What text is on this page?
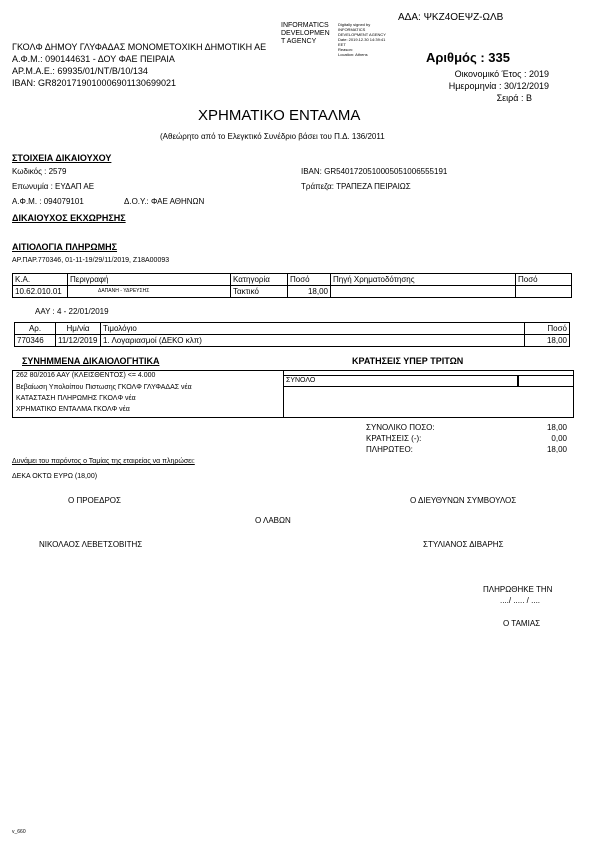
ΑΔΑ: ΨΚΖ4ΟΕΨΖ-ΩΛΒ
INFORMATICS
DEVELOPMEN
T AGENCY
Digitally signed by
INFORMATICS
DEVELOPMENT AGENCY
Date: 2019.12.30 14:39:41
EET
Reason:
Location: Athens
ΓΚΟΛΦ ΔΗΜΟΥ ΓΛΥΦΑΔΑΣ ΜΟΝΟΜΕΤΟΧΙΚΗ ΔΗΜΟΤΙΚΗ ΑΕ
Α.Φ.Μ.: 090144631 - ΔΟΥ ΦΑΕ ΠΕΙΡΑΙΑ
ΑΡ.Μ.Α.Ε.: 69935/01/ΝΤ/Β/10/134
IBAN: GR8201719010006901130699021
Αριθμός : 335
Οικονομικό Έτος : 2019
Ημερομηνία : 30/12/2019
Σειρά : B
ΧΡΗΜΑΤΙΚΟ ΕΝΤΑΛΜΑ
(Αθεώρητο από το Ελεγκτικό Συνέδριο βάσει του Π.Δ. 136/2011
ΣΤΟΙΧΕΙΑ ΔΙΚΑΙΟΥΧΟΥ
Κωδικός : 2579
Επωνυμία : ΕΥΔΑΠ ΑΕ
Α.Φ.Μ. : 094079101	Δ.Ο.Υ.: ΦΑΕ ΑΘΗΝΩΝ
IBAN: GR5401720510005051006555191
Τράπεζα: ΤΡΑΠΕΖΑ ΠΕΙΡΑΙΩΣ
ΔΙΚΑΙΟΥΧΟΣ ΕΚΧΩΡΗΣΗΣ
ΑΙΤΙΟΛΟΓΙΑ ΠΛΗΡΩΜΗΣ
ΑΡ.ΠΑΡ.770346, 01-11-19/29/11/2019, Z18A00093
Κ.Α.	Περιγραφή	Κατηγορία	Ποσό	Πηγή Χρηματοδότησης	Ποσό
10.62.010.01	ΔΑΠΑΝΗ - ΥΔΡΕΥΣΗΣ	Τακτικό	18,00		
ΑΑΥ : 4 - 22/01/2019
Αρ.	Ημ/νία	Τιμολόγιο	Ποσό
770346	11/12/2019	1. Λογαριασμοί (ΔΕΚΟ κλπ)	18,00
ΣΥΝΗΜΜΕΝΑ ΔΙΚΑΙΟΛΟΓΗΤΙΚΑ	ΚΡΑΤΗΣΕΙΣ ΥΠΕΡ ΤΡΙΤΩΝ
262 80/2016 ΑΑΥ (ΚΛΕΙΣΘΕΝΤΟΣ) <= 4.000
Βεβαίωση Υπολοίπου Πιστωσης ΓΚΟΛΦ ΓΛΥΦΑΔΑΣ νέα
ΚΑΤΑΣΤΑΣΗ ΠΛΗΡΩΜΗΣ ΓΚΟΛΦ νέα
ΧΡΗΜΑΤΙΚΟ ΕΝΤΑΛΜΑ ΓΚΟΛΦ νέα
ΣΥΝΟΛΟ
ΣΥΝΟΛΙΚΟ ΠΟΣΟ:	18,00
ΚΡΑΤΗΣΕΙΣ (-):	0,00
ΠΛΗΡΩΤΕΟ:	18,00
Δυνάμει του παρόντος ο Ταμίας της εταιρείας να πληρώσει:
ΔΕΚΑ ΟΚΤΩ ΕΥΡΩ (18,00)
Ο ΠΡΟΕΔΡΟΣ	Ο ΔΙΕΥΘΥΝΩΝ ΣΥΜΒΟΥΛΟΣ
Ο ΛΑΒΩΝ
ΝΙΚΟΛΑΟΣ ΛΕΒΕΤΣΟΒΙΤΗΣ	ΣΤΥΛΙΑΝΟΣ ΔΙΒΑΡΗΣ
ΠΛΗΡΩΘΗΚΕ ΤΗΝ
..../ ..... / ....
Ο ΤΑΜΙΑΣ
v_660
